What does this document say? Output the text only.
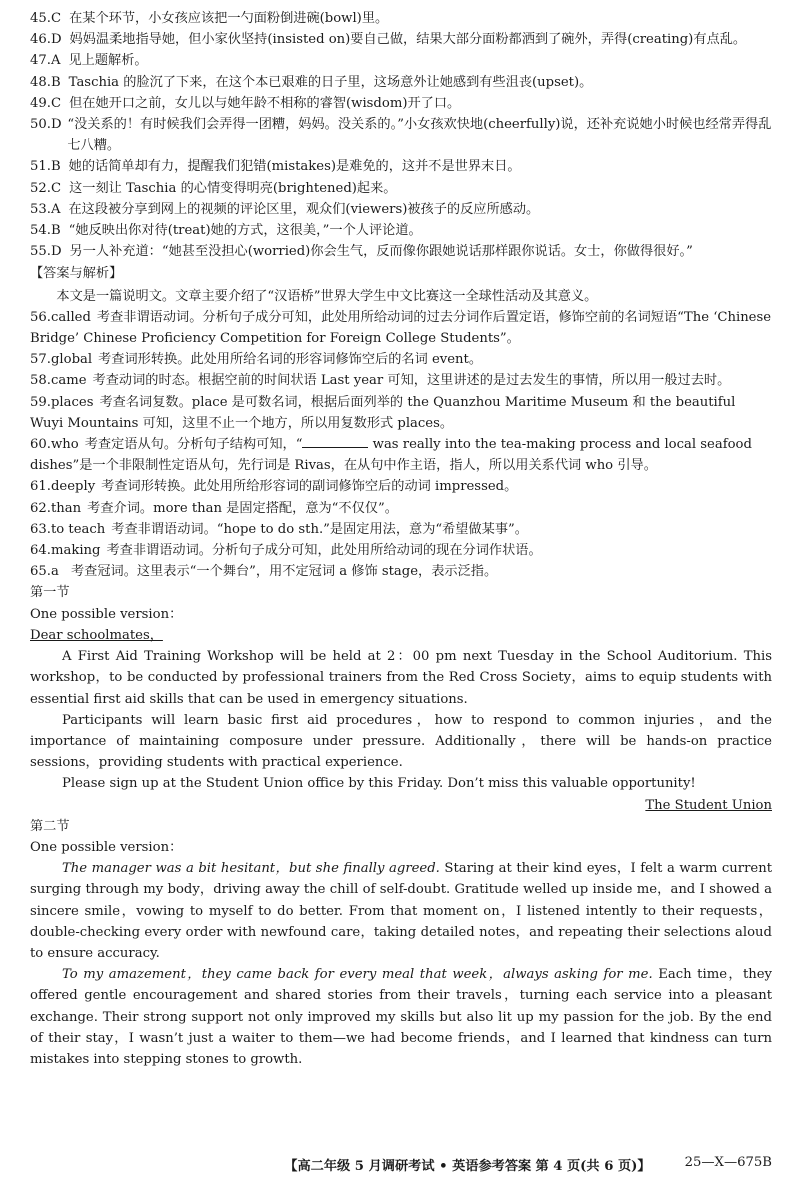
45.C 在某个环节，小女孩应该把一勺面粉倒进碗(bowl)里。
46.D 妈妈温柔地指导她，但小家伙坚持(insisted on)要自己做，结果大部分面粉都洒到了碗外，弄得(creating)有点乱。
47.A 见上题解析。
48.B Taschia 的脸沉了下来，在这个本已艰难的日子里，这场意外让她感到有些沮丧(upset)。
49.C 但在她开口之前，女儿以与她年龄不相称的睿智(wisdom)开了口。
50.D “没关系的！有时候我们会弄得一团糟，妈妈。没关系的。”小女孩欢快地(cheerfully)说，还补充说她小时候也经常弄得乱七八糟。
51.B 她的话简单却有力，提醒我们犯错(mistakes)是难免的，这并不是世界末日。
52.C 这一刻让 Taschia 的心情变得明亮(brightened)起来。
53.A 在这段被分享到网上的视频的评论区里，观众们(viewers)被孩子的反应所感动。
54.B “她反映出你对待(treat)她的方式，这很美，”一个人评论道。
55.D 另一人补充道：“她甚至没担心(worried)你会生气，反而像你跟她说话那样跟你说话。女士，你做得很好。”
【答案与解析】
本文是一篇说明文。文章主要介绍了“汉语桥”世界大学生中文比赛这一全球性活动及其意义。
56.called 考查非谓语动词。分析句子成分可知，此处用所给动词的过去分词作后置定语，修饰空前的名词短语“The ‘Chinese Bridge’ Chinese Proficiency Competition for Foreign College Students”。
57.global 考查词形转换。此处用所给名词的形容词修饰空后的名词 event。
58.came 考查动词的时态。根据空前的时间状语 Last year 可知，这里讲述的是过去发生的事情，所以用一般过去时。
59.places 考查名词复数。place 是可数名词，根据后面列举的 the Quanzhou Maritime Museum 和 the beautiful Wuyi Mountains 可知，这里不止一个地方，所以用复数形式 places。
60.who 考查定语从句。分析句子结构可知，“	was really into the tea-making process and local seafood dishes”是一个非限制性定语从句，先行词是 Rivas，在从句中作主语，指人，所以用关系代词 who 引导。
61.deeply 考查词形转换。此处用所给形容词的副词修饰空后的动词 impressed。
62.than 考查介词。more than 是固定搭配，意为“不仅仅”。
63.to teach 考查非谓语动词。“hope to do sth.”是固定用法，意为“希望做某事”。
64.making 考查非谓语动词。分析句子成分可知，此处用所给动词的现在分词作状语。
65.a 考查冠词。这里表示“一个舞台”，用不定冠词 a 修饰 stage，表示泛指。
第一节
One possible version：
Dear schoolmates，
A First Aid Training Workshop will be held at 2：00 pm next Tuesday in the School Auditorium. This workshop，to be conducted by professional trainers from the Red Cross Society，aims to equip students with essential first aid skills that can be used in emergency situations.
Participants will learn basic first aid procedures，how to respond to common injuries，and the importance of maintaining composure under pressure. Additionally，there will be hands-on practice sessions，providing students with practical experience.
Please sign up at the Student Union office by this Friday. Don’t miss this valuable opportunity!
The Student Union
第二节
One possible version：
The manager was a bit hesitant，but she finally agreed. Staring at their kind eyes，I felt a warm current surging through my body，driving away the chill of self-doubt. Gratitude welled up inside me，and I showed a sincere smile，vowing to myself to do better. From that moment on，I listened intently to their requests，double-checking every order with newfound care，taking detailed notes，and repeating their selections aloud to ensure accuracy.
To my amazement，they came back for every meal that week，always asking for me. Each time，they offered gentle encouragement and shared stories from their travels，turning each service into a pleasant exchange. Their strong support not only improved my skills but also lit up my passion for the job. By the end of their stay，I wasn’t just a waiter to them—we had become friends，and I learned that kindness can turn mistakes into stepping stones to growth.
【高二年级 5 月调研考试 • 英语参考答案 第 4 页(共 6 页)】	25—X—675B
